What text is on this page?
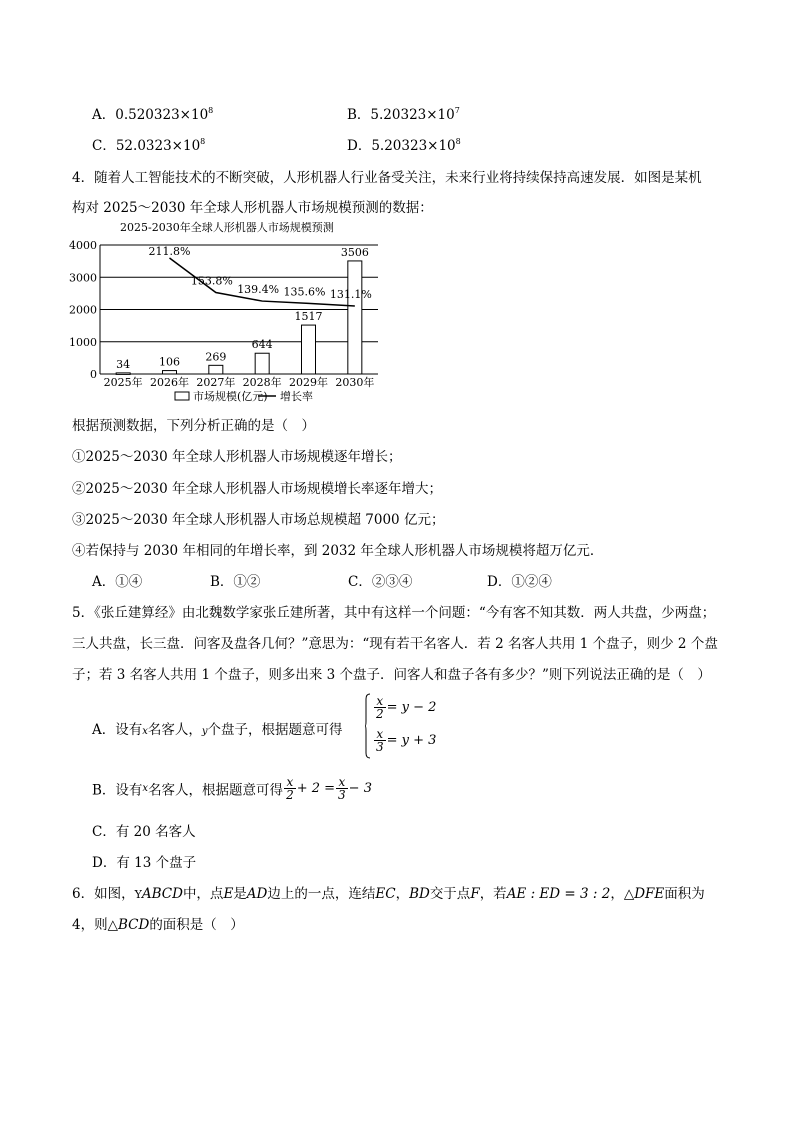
A．$0.520323\times 10^8$	B．$5.20323\times 10^7$
C．$52.0323\times 10^8$	D．$5.20323\times 10^8$
4．随着人工智能技术的不断突破，人形机器人行业备受关注，未来行业将持续保持高速发展．如图是某机
构对 2025～2030 年全球人形机器人市场规模预测的数据：
2025-2030年全球人形机器人市场规模预测
0
1000
2000
3000
4000
34	106 269
644
1517
3506
2025年 2026年 2027年 2028年 2029年 2030年
211.8%
153.8%
139.4% 135.6% 131.1%
市场规模(亿元) 增长率
根据预测数据，下列分析正确的是（　）
①2025～2030 年全球人形机器人市场规模逐年增长；
②2025～2030 年全球人形机器人市场规模增长率逐年增大；
③2025～2030 年全球人形机器人市场总规模超 7000 亿元；
④若保持与 2030 年相同的年增长率，到 2032 年全球人形机器人市场规模将超万亿元．
A．①④	B．①②	C．②③④	D．①②④
5．《张丘建算经》由北魏数学家张丘建所著，其中有这样一个问题：“今有客不知其数．两人共盘，少两盘；
三人共盘，长三盘．问客及盘各几何？”意思为：“现有若干名客人．若 2 名客人共用 1 个盘子，则少 2 个盘
子；若 3 名客人共用 1 个盘子，则多出来 3 个盘子．问客人和盘子各有多少？”则下列说法正确的是（　）
A．设有x名客人，y个盘子，根据题意可得
$\frac{x}{2} = y - 2$
$\frac{x}{3} = y + 3$
B．设有x名客人，根据题意可得 $\frac{x}{2} + 2 = \frac{x}{3} - 3$
C．有 20 名客人
D．有 13 个盘子
6．如图，YABCD中，点E是AD边上的一点，连结EC，BD交于点F，若AE : ED = 3 : 2，△DFE面积为
4，则△BCD的面积是（　）
